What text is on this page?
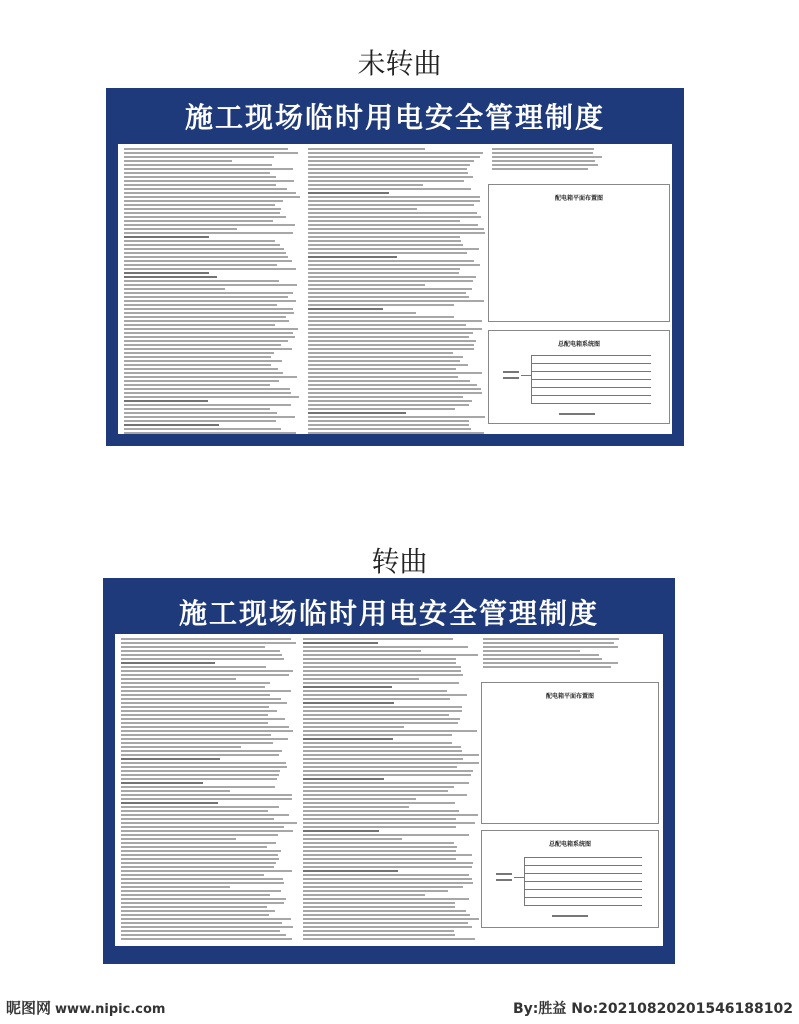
未转曲
施工现场临时用电安全管理制度
配电箱平面布置图
总配电箱系统图
转曲
施工现场临时用电安全管理制度
配电箱平面布置图
总配电箱系统图
昵图网 www.nipic.com	By:胜益 No:20210820201546188102
